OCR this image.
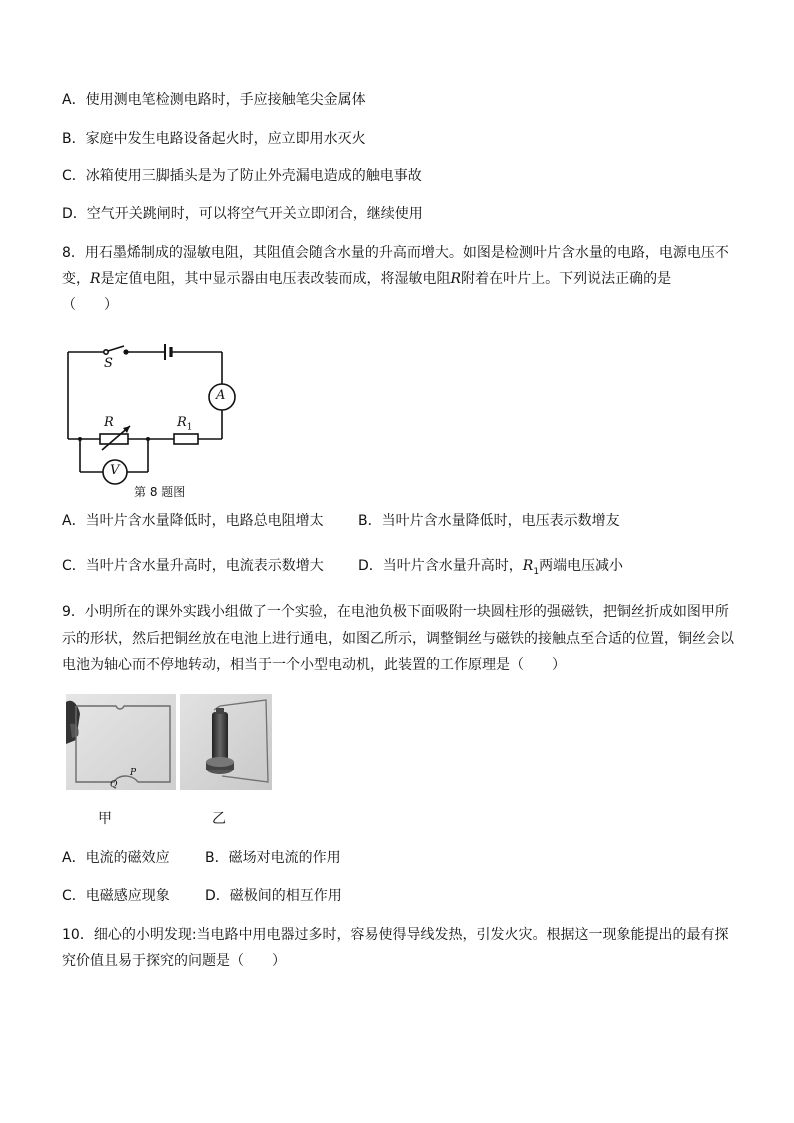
A．使用测电笔检测电路时，手应接触笔尖金属体
B．家庭中发生电路设备起火时，应立即用水灭火
C．冰箱使用三脚插头是为了防止外壳漏电造成的触电事故
D．空气开关跳闸时，可以将空气开关立即闭合，继续使用
8．用石墨烯制成的湿敏电阻，其阻值会随含水量的升高而增大。如图是检测叶片含水量的电路，电源电压不
变，R是定值电阻，其中显示器由电压表改装而成，将湿敏电阻R附着在叶片上。下列说法正确的是
（　　）
S
A
V
R	$R_1$
第 8 题图
A．当叶片含水量降低时，电路总电阻增太 B．当叶片含水量降低时，电压表示数增友
C．当叶片含水量升高时，电流表示数增大 D．当叶片含水量升高时，$R_1$两端电压减小
9．小明所在的课外实践小组做了一个实验，在电池负极下面吸附一块圆柱形的强磁铁，把铜丝折成如图甲所
示的形状，然后把铜丝放在电池上进行通电，如图乙所示，调整铜丝与磁铁的接触点至合适的位置，铜丝会以
电池为轴心而不停地转动，相当于一个小型电动机，此装置的工作原理是（　　）
P
Q
甲	乙
A．电流的磁效应	B．磁场对电流的作用
C．电磁感应现象	D．磁极间的相互作用
10．细心的小明发现:当电路中用电器过多时，容易使得导线发热，引发火灾。根据这一现象能提出的最有探
究价值且易于探究的问题是（　　）
